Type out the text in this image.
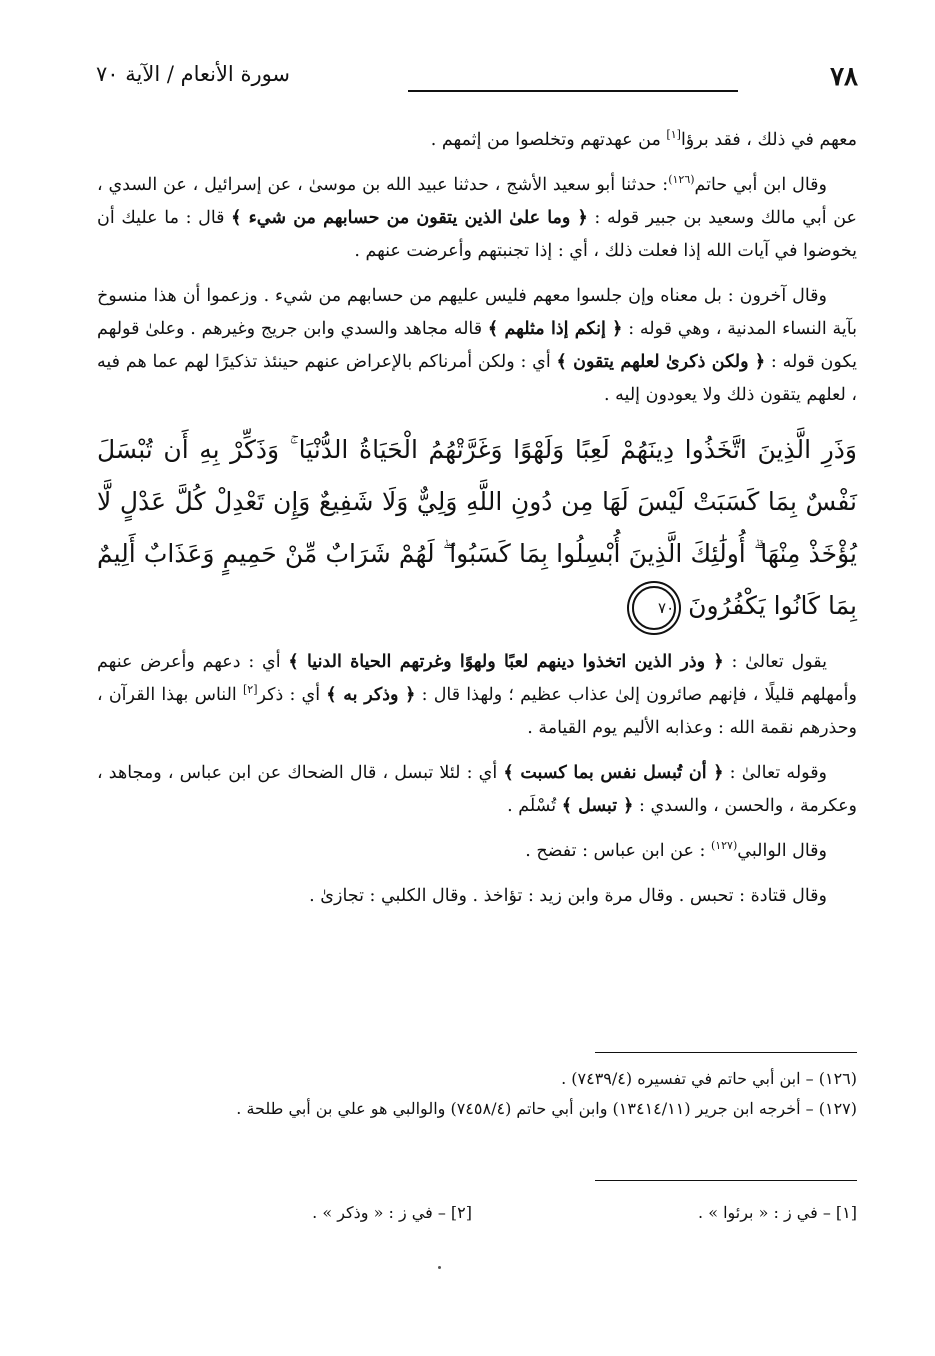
٧٨
سورة الأنعام / الآية ٧٠

معهم في ذلك ، فقد برؤا[١] من عهدتهم وتخلصوا من إثمهم .

وقال ابن أبي حاتم$^{(١٢٦)}$: حدثنا أبو سعيد الأشج ، حدثنا عبيد الله بن موسىٰ ، عن إسرائيل ، عن السدي ، عن أبي مالك وسعيد بن جبير قوله : ﴿ وما علىٰ الذين يتقون من حسابهم من شيء ﴾ قال : ما عليك أن يخوضوا في آيات الله إذا فعلت ذلك ، أي : إذا تجنبتهم وأعرضت عنهم .

وقال آخرون : بل معناه وإن جلسوا معهم فليس عليهم من حسابهم من شيء . وزعموا أن هذا منسوخ بآية النساء المدنية ، وهي قوله : ﴿ إنكم إذا مثلهم ﴾ قاله مجاهد والسدي وابن جريج وغيرهم . وعلىٰ قولهم يكون قوله : ﴿ ولكن ذكرىٰ لعلهم يتقون ﴾ أي : ولكن أمرناكم بالإعراض عنهم حينئذ تذكيرًا لهم عما هم فيه ، لعلهم يتقون ذلك ولا يعودون إليه .

وَذَرِ الَّذِينَ اتَّخَذُوا دِينَهُمْ لَعِبًا وَلَهْوًا وَغَرَّتْهُمُ الْحَيَاةُ الدُّنْيَا ۚ وَذَكِّرْ بِهِ أَن تُبْسَلَ نَفْسٌ بِمَا كَسَبَتْ لَيْسَ لَهَا مِن دُونِ اللَّهِ وَلِيٌّ وَلَا شَفِيعٌ وَإِن تَعْدِلْ كُلَّ عَدْلٍ لَّا يُؤْخَذْ مِنْهَا ۗ أُولَٰئِكَ الَّذِينَ أُبْسِلُوا بِمَا كَسَبُوا ۖ لَهُمْ شَرَابٌ مِّنْ حَمِيمٍ وَعَذَابٌ أَلِيمٌ بِمَا كَانُوا يَكْفُرُونَ ٧٠

يقول تعالىٰ : ﴿ وذر الذين اتخذوا دينهم لعبًا ولهوًا وغرتهم الحياة الدنيا ﴾ أي : دعهم وأعرض عنهم وأمهلهم قليلًا ، فإنهم صائرون إلىٰ عذاب عظيم ؛ ولهذا قال : ﴿ وذكر به ﴾ أي : ذكر[٢] الناس بهذا القرآن ، وحذرهم نقمة الله : وعذابه الأليم يوم القيامة .

وقوله تعالىٰ : ﴿ أن تُبسل نفس بما كسبت ﴾ أي : لئلا تبسل ، قال الضحاك عن ابن عباس ، ومجاهد ، وعكرمة ، والحسن ، والسدي : ﴿ تبسل ﴾ تُسْلَم .

وقال الوالبي$^{(١٢٧)}$ : عن ابن عباس : تفضح .

وقال قتادة : تحبس . وقال مرة وابن زيد : تؤاخذ . وقال الكلبي : تجازىٰ .

(١٢٦) – ابن أبي حاتم في تفسيره (٧٤٣٩/٤) .

(١٢٧) – أخرجه ابن جرير (١٣٤١٤/١١) وابن أبي حاتم (٧٤٥٨/٤) والوالبي هو علي بن أبي طلحة .

[١] – في ز : « برئوا » .
[٢] – في ز : « وذكر » .
